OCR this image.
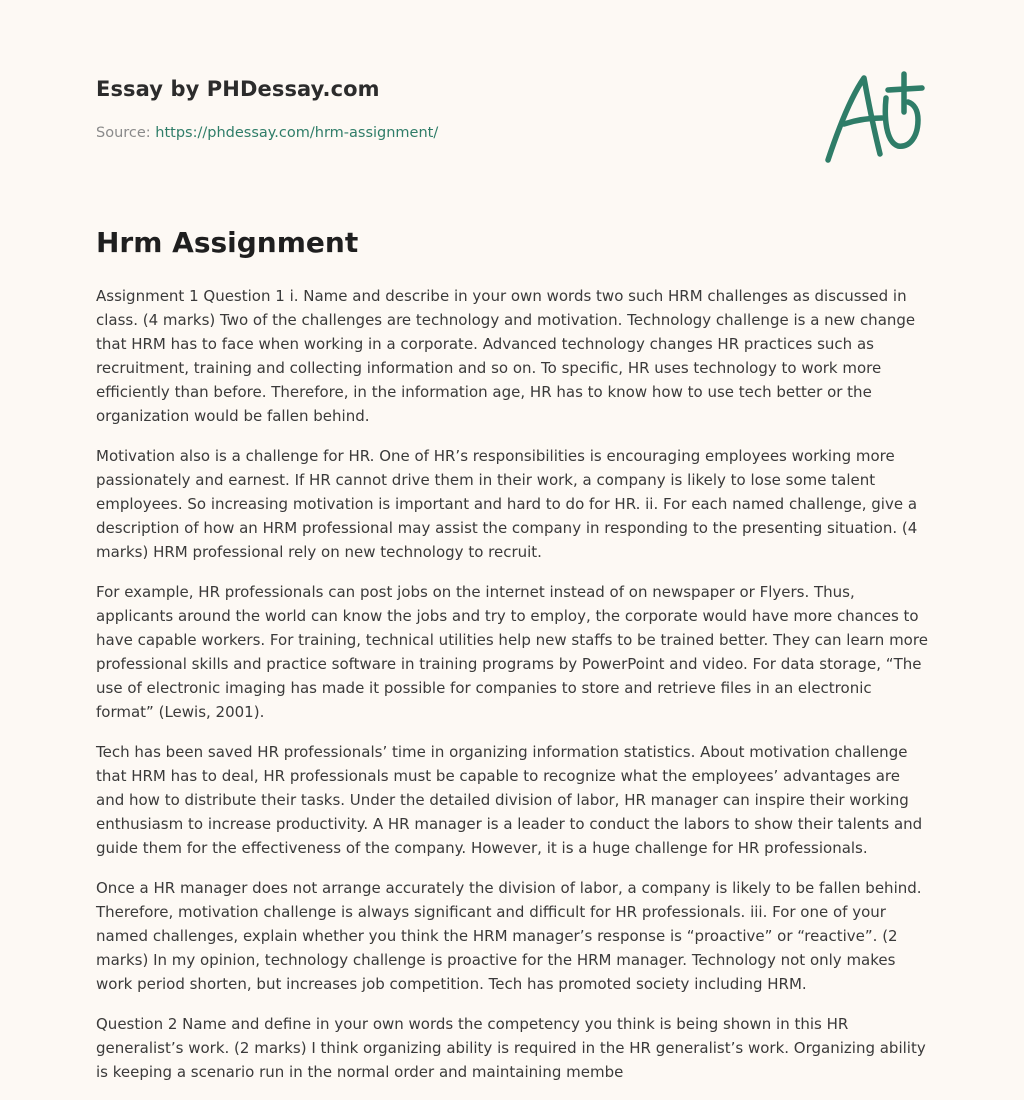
Essay by PHDessay.com
Source: https://phdessay.com/hrm-assignment/
Hrm Assignment

Assignment 1 Question 1 i. Name and describe in your own words two such HRM challenges as discussed in class. (4 marks) Two of the challenges are technology and motivation. Technology challenge is a new change that HRM has to face when working in a corporate. Advanced technology changes HR practices such as recruitment, training and collecting information and so on. To specific, HR uses technology to work more efficiently than before. Therefore, in the information age, HR has to know how to use tech better or the organization would be fallen behind.

Motivation also is a challenge for HR. One of HR’s responsibilities is encouraging employees working more passionately and earnest. If HR cannot drive them in their work, a company is likely to lose some talent employees. So increasing motivation is important and hard to do for HR. ii. For each named challenge, give a description of how an HRM professional may assist the company in responding to the presenting situation. (4 marks) HRM professional rely on new technology to recruit.

For example, HR professionals can post jobs on the internet instead of on newspaper or Flyers. Thus, applicants around the world can know the jobs and try to employ, the corporate would have more chances to have capable workers. For training, technical utilities help new staffs to be trained better. They can learn more professional skills and practice software in training programs by PowerPoint and video. For data storage, “The use of electronic imaging has made it possible for companies to store and retrieve files in an electronic format” (Lewis, 2001).

Tech has been saved HR professionals’ time in organizing information statistics. About motivation challenge that HRM has to deal, HR professionals must be capable to recognize what the employees’ advantages are and how to distribute their tasks. Under the detailed division of labor, HR manager can inspire their working enthusiasm to increase productivity. A HR manager is a leader to conduct the labors to show their talents and guide them for the effectiveness of the company. However, it is a huge challenge for HR professionals.

Once a HR manager does not arrange accurately the division of labor, a company is likely to be fallen behind. Therefore, motivation challenge is always significant and difficult for HR professionals. iii. For one of your named challenges, explain whether you think the HRM manager’s response is “proactive” or “reactive”. (2 marks) In my opinion, technology challenge is proactive for the HRM manager. Technology not only makes work period shorten, but increases job competition. Tech has promoted society including HRM.

Question 2 Name and define in your own words the competency you think is being shown in this HR generalist’s work. (2 marks) I think organizing ability is required in the HR generalist’s work. Organizing ability is keeping a scenario run in the normal order and maintaining membe
